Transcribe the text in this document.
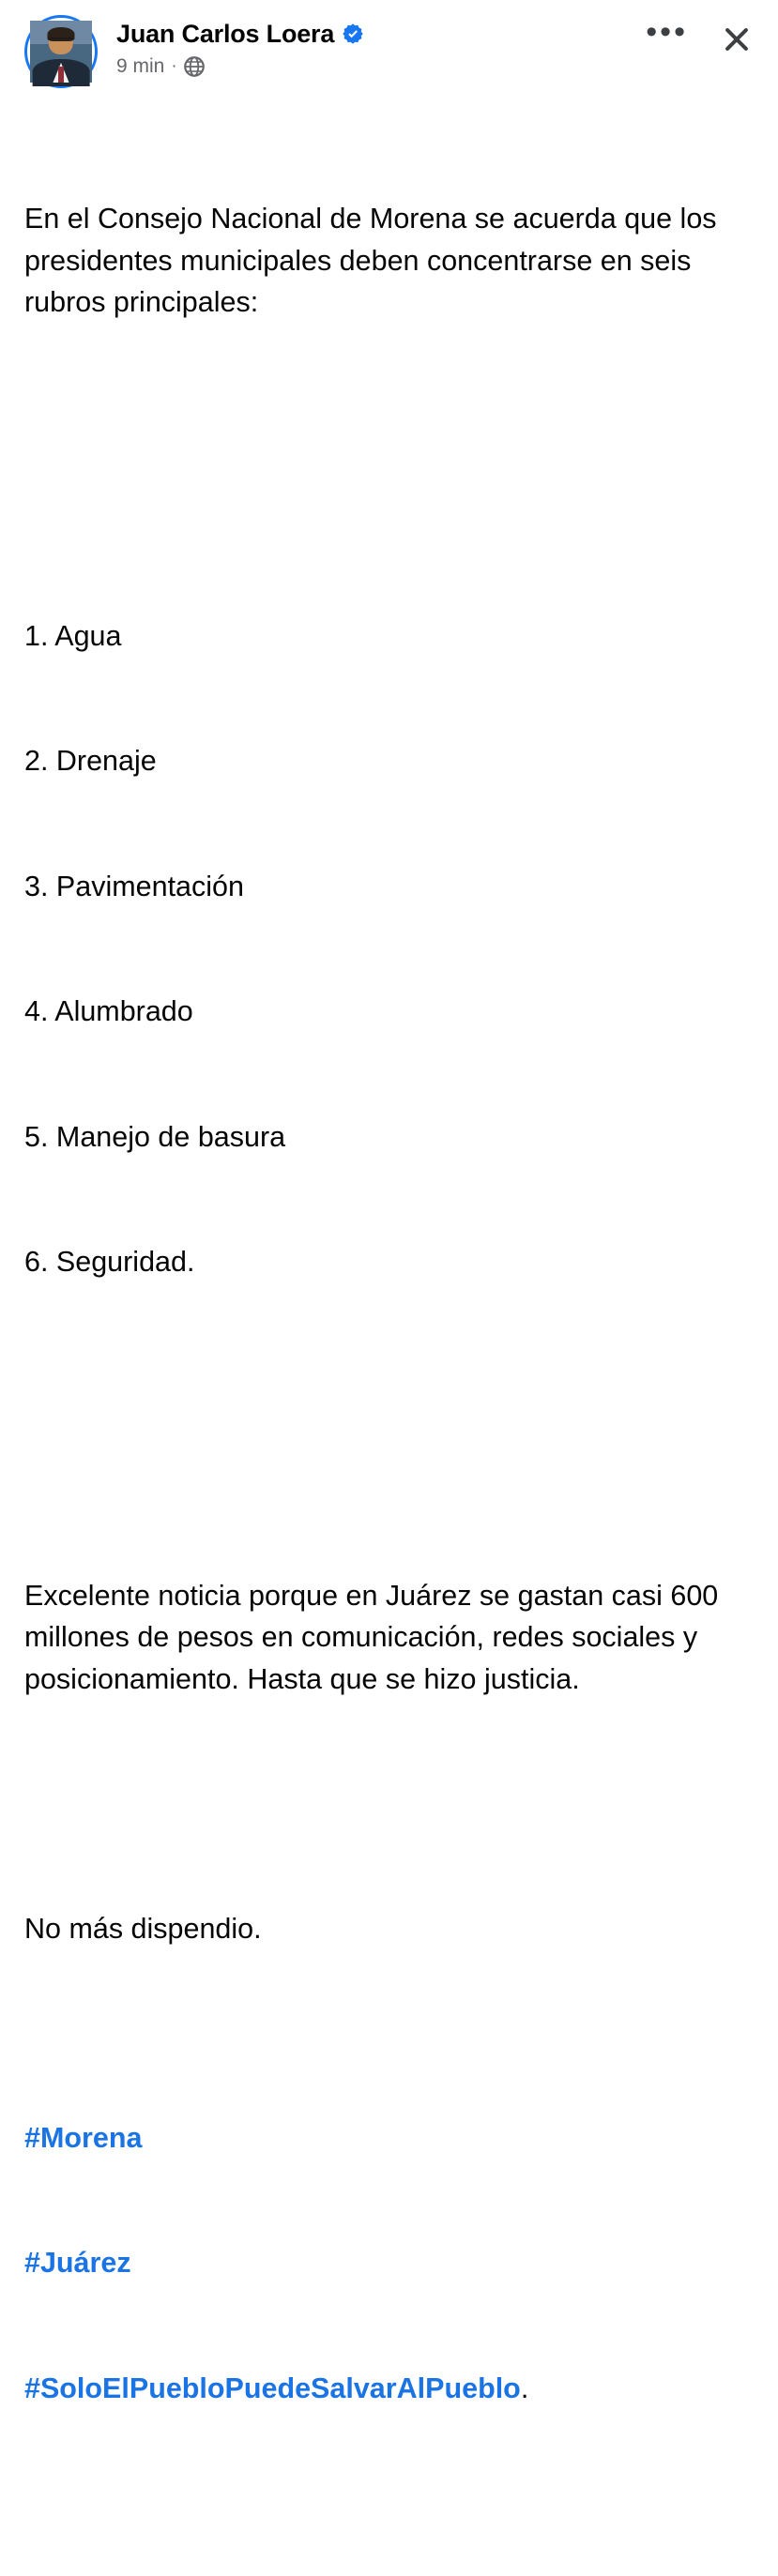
Juan Carlos Loera
9 min ·
•••

En el Consejo Nacional de Morena se acuerda que los presidentes municipales deben concentrarse en seis rubros principales:

1. Agua

2. Drenaje

3. Pavimentación

4. Alumbrado

5. Manejo de basura

6. Seguridad.

Excelente noticia porque en Juárez se gastan casi 600 millones de pesos en comunicación, redes sociales y posicionamiento. Hasta que se hizo justicia.

No más dispendio.

#Morena

#Juárez

#SoloElPuebloPuedeSalvarAlPueblo.
